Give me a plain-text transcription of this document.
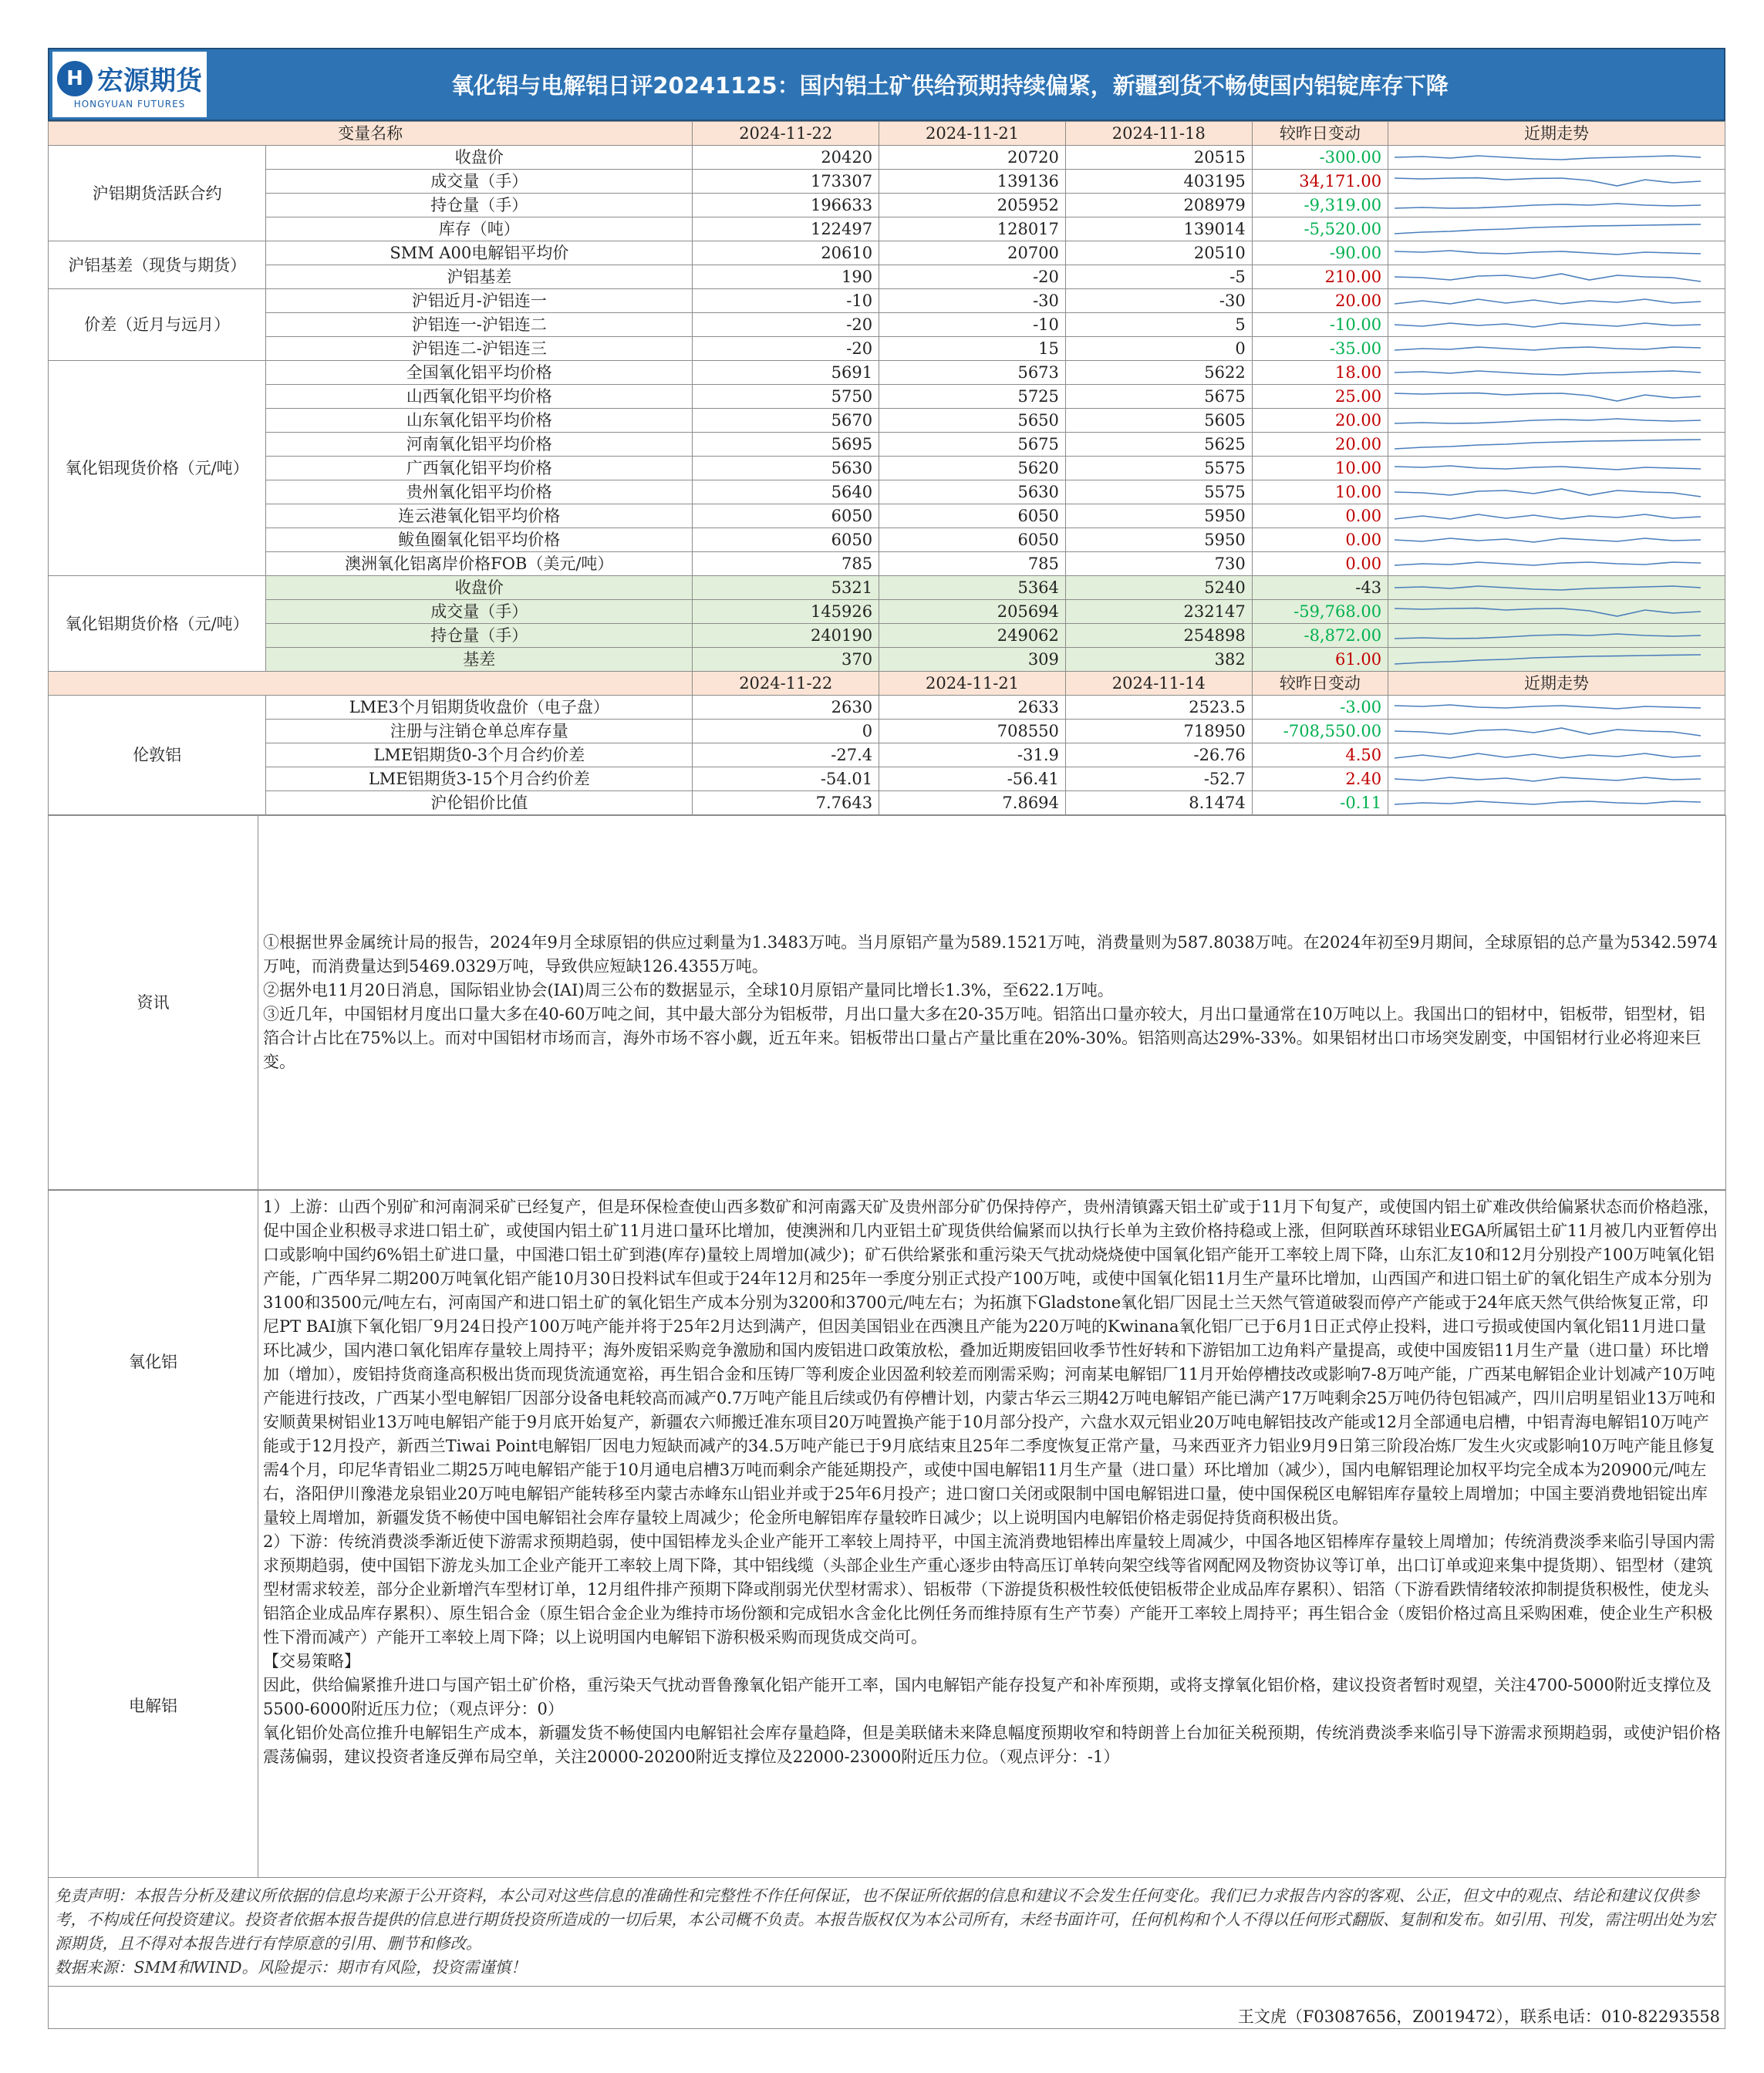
H 宏源期货
HONGYUAN FUTURES
氧化铝与电解铝日评20241125：国内铝土矿供给预期持续偏紧，新疆到货不畅使国内铝锭库存下降
变量名称		2024-11-22	2024-11-21	2024-11-18	较昨日变动	近期走势
沪铝期货活跃合约	收盘价	20420	20720	20515	-300.00	

	成交量（手）	173307	139136	403195	34,171.00	

	持仓量（手）	196633	205952	208979	-9,319.00	

	库存（吨）	122497	128017	139014	-5,520.00	

沪铝基差（现货与期货）	SMM A00电解铝平均价	20610	20700	20510	-90.00	

	沪铝基差	190	-20	-5	210.00	

价差（近月与远月）	沪铝近月-沪铝连一	-10	-30	-30	20.00	

	沪铝连一-沪铝连二	-20	-10	5	-10.00	

	沪铝连二-沪铝连三	-20	15	0	-35.00	

氧化铝现货价格（元/吨）	全国氧化铝平均价格	5691	5673	5622	18.00	

	山西氧化铝平均价格	5750	5725	5675	25.00	

	山东氧化铝平均价格	5670	5650	5605	20.00	

	河南氧化铝平均价格	5695	5675	5625	20.00	

	广西氧化铝平均价格	5630	5620	5575	10.00	

	贵州氧化铝平均价格	5640	5630	5575	10.00	

	连云港氧化铝平均价格	6050	6050	5950	0.00	

	鲅鱼圈氧化铝平均价格	6050	6050	5950	0.00	

	澳洲氧化铝离岸价格FOB（美元/吨）	785	785	730	0.00	

氧化铝期货价格（元/吨）	收盘价	5321	5364	5240	-43	

	成交量（手）	145926	205694	232147	-59,768.00	

	持仓量（手）	240190	249062	254898	-8,872.00	

	基差	370	309	382	61.00	

		2024-11-22	2024-11-21	2024-11-14	较昨日变动	近期走势
伦敦铝	LME3个月铝期货收盘价（电子盘）	2630	2633	2523.5	-3.00	

	注册与注销仓单总库存量	0	708550	718950	-708,550.00	

	LME铝期货0-3个月合约价差	-27.4	-31.9	-26.76	4.50	

	LME铝期货3-15个月合约价差	-54.01	-56.41	-52.7	2.40	

	沪伦铝价比值	7.7643	7.8694	8.1474	-0.11	
资讯	

①根据世界金属统计局的报告，2024年9月全球原铝的供应过剩量为1.3483万吨。当月原铝产量为589.1521万吨，消费量则为587.8038万吨。在2024年初至9月期间，全球原铝的总产量为5342.5974万吨，而消费量达到5469.0329万吨，导致供应短缺126.4355万吨。

②据外电11月20日消息，国际铝业协会(IAI)周三公布的数据显示，全球10月原铝产量同比增长1.3%，至622.1万吨。

③近几年，中国铝材月度出口量大多在40-60万吨之间，其中最大部分为铝板带，月出口量大多在20-35万吨。铝箔出口量亦较大，月出口量通常在10万吨以上。我国出口的铝材中，铝板带，铝型材，铝箔合计占比在75%以上。而对中国铝材市场而言，海外市场不容小觑，近五年来。铝板带出口量占产量比重在20%-30%。铝箔则高达29%-33%。如果铝材出口市场突发剧变，中国铝材行业必将迎来巨变。

氧化铝
电解铝

1）上游：山西个别矿和河南洞采矿已经复产，但是环保检查使山西多数矿和河南露天矿及贵州部分矿仍保持停产，贵州清镇露天铝土矿或于11月下旬复产，或使国内铝土矿难改供给偏紧状态而价格趋涨，促中国企业积极寻求进口铝土矿，或使国内铝土矿11月进口量环比增加，使澳洲和几内亚铝土矿现货供给偏紧而以执行长单为主致价格持稳或上涨，但阿联酋环球铝业EGA所属铝土矿11月被几内亚暂停出口或影响中国约6%铝土矿进口量，中国港口铝土矿到港(库存)量较上周增加(减少)；矿石供给紧张和重污染天气扰动烧烧使中国氧化铝产能开工率较上周下降，山东汇友10和12月分别投产100万吨氧化铝产能，广西华昇二期200万吨氧化铝产能10月30日投料试车但或于24年12月和25年一季度分别正式投产100万吨，或使中国氧化铝11月生产量环比增加，山西国产和进口铝土矿的氧化铝生产成本分别为3100和3500元/吨左右，河南国产和进口铝土矿的氧化铝生产成本分别为3200和3700元/吨左右；为拓旗下Gladstone氧化铝厂因昆士兰天然气管道破裂而停产产能或于24年底天然气供给恢复正常，印尼PT BAI旗下氧化铝厂9月24日投产100万吨产能并将于25年2月达到满产，但因美国铝业在西澳且产能为220万吨的Kwinana氧化铝厂已于6月1日正式停止投料，进口亏损或使国内氧化铝11月进口量环比减少，国内港口氧化铝库存量较上周持平；海外废铝采购竞争激励和国内废铝进口政策放松，叠加近期废铝回收季节性好转和下游铝加工边角料产量提高，或使中国废铝11月生产量（进口量）环比增加（增加），废铝持货商逢高积极出货而现货流通宽裕，再生铝合金和压铸厂等利废企业因盈利较差而刚需采购；河南某电解铝厂11月开始停槽技改或影响7-8万吨产能，广西某电解铝企业计划减产10万吨产能进行技改，广西某小型电解铝厂因部分设备电耗较高而减产0.7万吨产能且后续或仍有停槽计划，内蒙古华云三期42万吨电解铝产能已满产17万吨剩余25万吨仍待包铝减产，四川启明星铝业13万吨和安顺黄果树铝业13万吨电解铝产能于9月底开始复产，新疆农六师搬迁准东项目20万吨置换产能于10月部分投产，六盘水双元铝业20万吨电解铝技改产能或12月全部通电启槽，中铝青海电解铝10万吨产能或于12月投产，新西兰Tiwai Point电解铝厂因电力短缺而减产的34.5万吨产能已于9月底结束且25年二季度恢复正常产量，马来西亚齐力铝业9月9日第三阶段冶炼厂发生火灾或影响10万吨产能且修复需4个月，印尼华青铝业二期25万吨电解铝产能于10月通电启槽3万吨而剩余产能延期投产，或使中国电解铝11月生产量（进口量）环比增加（减少），国内电解铝理论加权平均完全成本为20900元/吨左右，洛阳伊川豫港龙泉铝业20万吨电解铝产能转移至内蒙古赤峰东山铝业并或于25年6月投产；进口窗口关闭或限制中国电解铝进口量，使中国保税区电解铝库存量较上周增加；中国主要消费地铝锭出库量较上周增加，新疆发货不畅使中国电解铝社会库存量较上周减少；伦金所电解铝库存量较昨日减少；以上说明国内电解铝价格走弱促持货商积极出货。

2）下游：传统消费淡季渐近使下游需求预期趋弱，使中国铝棒龙头企业产能开工率较上周持平，中国主流消费地铝棒出库量较上周减少，中国各地区铝棒库存量较上周增加；传统消费淡季来临引导国内需求预期趋弱，使中国铝下游龙头加工企业产能开工率较上周下降，其中铝线缆（头部企业生产重心逐步由特高压订单转向架空线等省网配网及物资协议等订单，出口订单或迎来集中提货期）、铝型材（建筑型材需求较差，部分企业新增汽车型材订单，12月组件排产预期下降或削弱光伏型材需求）、铝板带（下游提货积极性较低使铝板带企业成品库存累积）、铝箔（下游看跌情绪较浓抑制提货积极性，使龙头铝箔企业成品库存累积）、原生铝合金（原生铝合金企业为维持市场份额和完成铝水含金化比例任务而维持原有生产节奏）产能开工率较上周持平；再生铝合金（废铝价格过高且采购困难，使企业生产积极性下滑而减产）产能开工率较上周下降；以上说明国内电解铝下游积极采购而现货成交尚可。

【交易策略】

因此，供给偏紧推升进口与国产铝土矿价格，重污染天气扰动晋鲁豫氧化铝产能开工率，国内电解铝产能存投复产和补库预期，或将支撑氧化铝价格，建议投资者暂时观望，关注4700-5000附近支撑位及5500-6000附近压力位；（观点评分：0）

氧化铝价处高位推升电解铝生产成本，新疆发货不畅使国内电解铝社会库存量趋降，但是美联储未来降息幅度预期收窄和特朗普上台加征关税预期，传统消费淡季来临引导下游需求预期趋弱，或使沪铝价格震荡偏弱，建议投资者逢反弹布局空单，关注20000-20200附近支撑位及22000-23000附近压力位。（观点评分：-1）

免责声明：本报告分析及建议所依据的信息均来源于公开资料，本公司对这些信息的准确性和完整性不作任何保证，也不保证所依据的信息和建议不会发生任何变化。我们已力求报告内容的客观、公正，但文中的观点、结论和建议仅供参考，不构成任何投资建议。投资者依据本报告提供的信息进行期货投资所造成的一切后果，本公司概不负责。本报告版权仅为本公司所有，未经书面许可，任何机构和个人不得以任何形式翻版、复制和发布。如引用、刊发，需注明出处为宏源期货，且不得对本报告进行有悖原意的引用、删节和修改。
数据来源：SMM和WIND。风险提示：期市有风险，投资需谨慎！
王文虎（F03087656，Z0019472），联系电话：010-82293558
